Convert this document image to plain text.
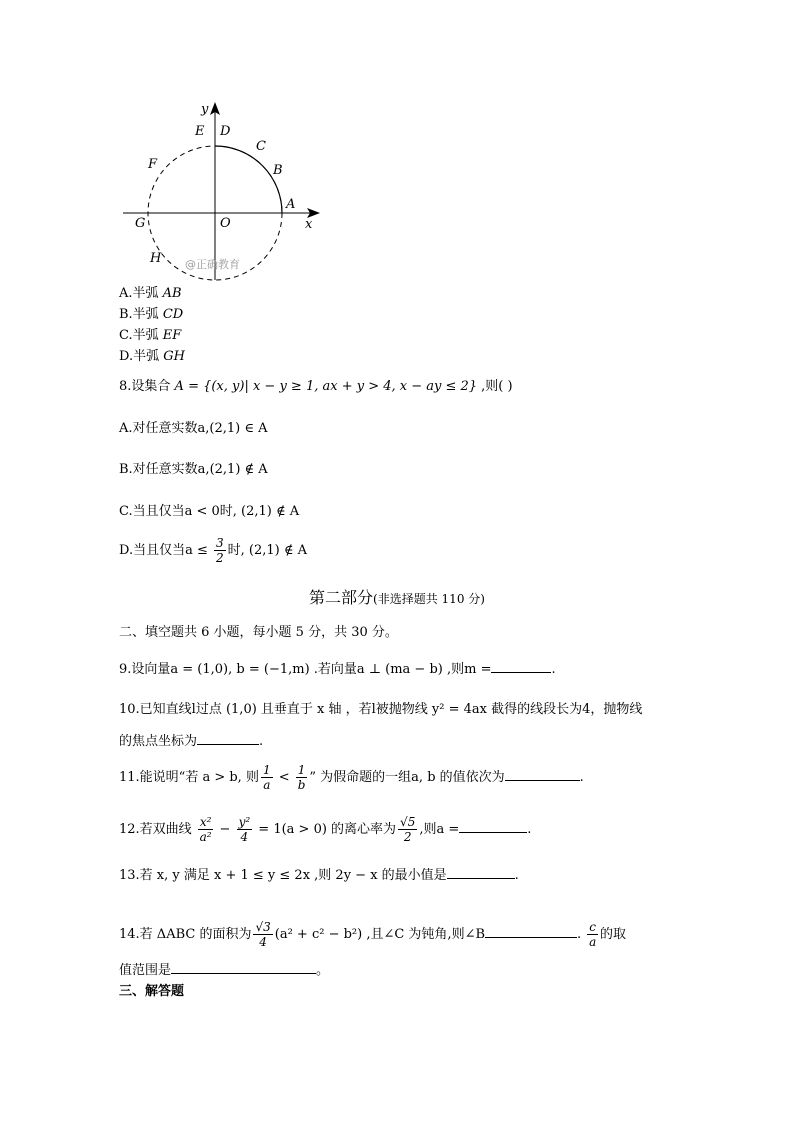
y
x
E D
C
F	B
A
G	O
H @正确教育
A.半弧 AB
B.半弧 CD
C.半弧 EF
D.半弧 GH
8.设集合 A = {(x, y)| x − y ≥ 1, ax + y > 4, x − ay ≤ 2} ,则( )
A.对任意实数a,(2,1) ∈ A
B.对任意实数a,(2,1) ∉ A
C.当且仅当a < 0时, (2,1) ∉ A
D.当且仅当$a \le \frac{3}{2}$ 时, (2,1) ∉ A
第二部分(非选择题共 110 分)
二、填空题共 6 小题，每小题 5 分，共 30 分。
9.设向量a = (1,0), b = (−1,m) .若向量a ⊥ (ma − b) ,则m =	.
10.已知直线l过点 (1,0) 且垂直于 x 轴 ，若l被抛物线 y² = 4ax 截得的线段长为4，抛物线
的焦点坐标为	.
11.能说明“若 a > b, 则 $\frac{1}{a} < \frac{1}{b}$ ” 为假命题的一组a, b 的值依次为	.
12.若双曲线 $\frac{\text{x²}}{\text{a²}} - \frac{\text{y²}}{4} = 1(a > 0)$ 的离心率为 $\frac{√5}{2}$ ,则a =	.
13.若 x, y 满足 x + 1 ≤ y ≤ 2x ,则 2y − x 的最小值是	.
14.若 ΔABC 的面积为 $\frac{√3}{4} (a^2 + c^2 - b^2)$ ,且∠C 为钝角,则∠B	. $\frac{c}{a}$ 的取
值范围是	。
三、解答题
